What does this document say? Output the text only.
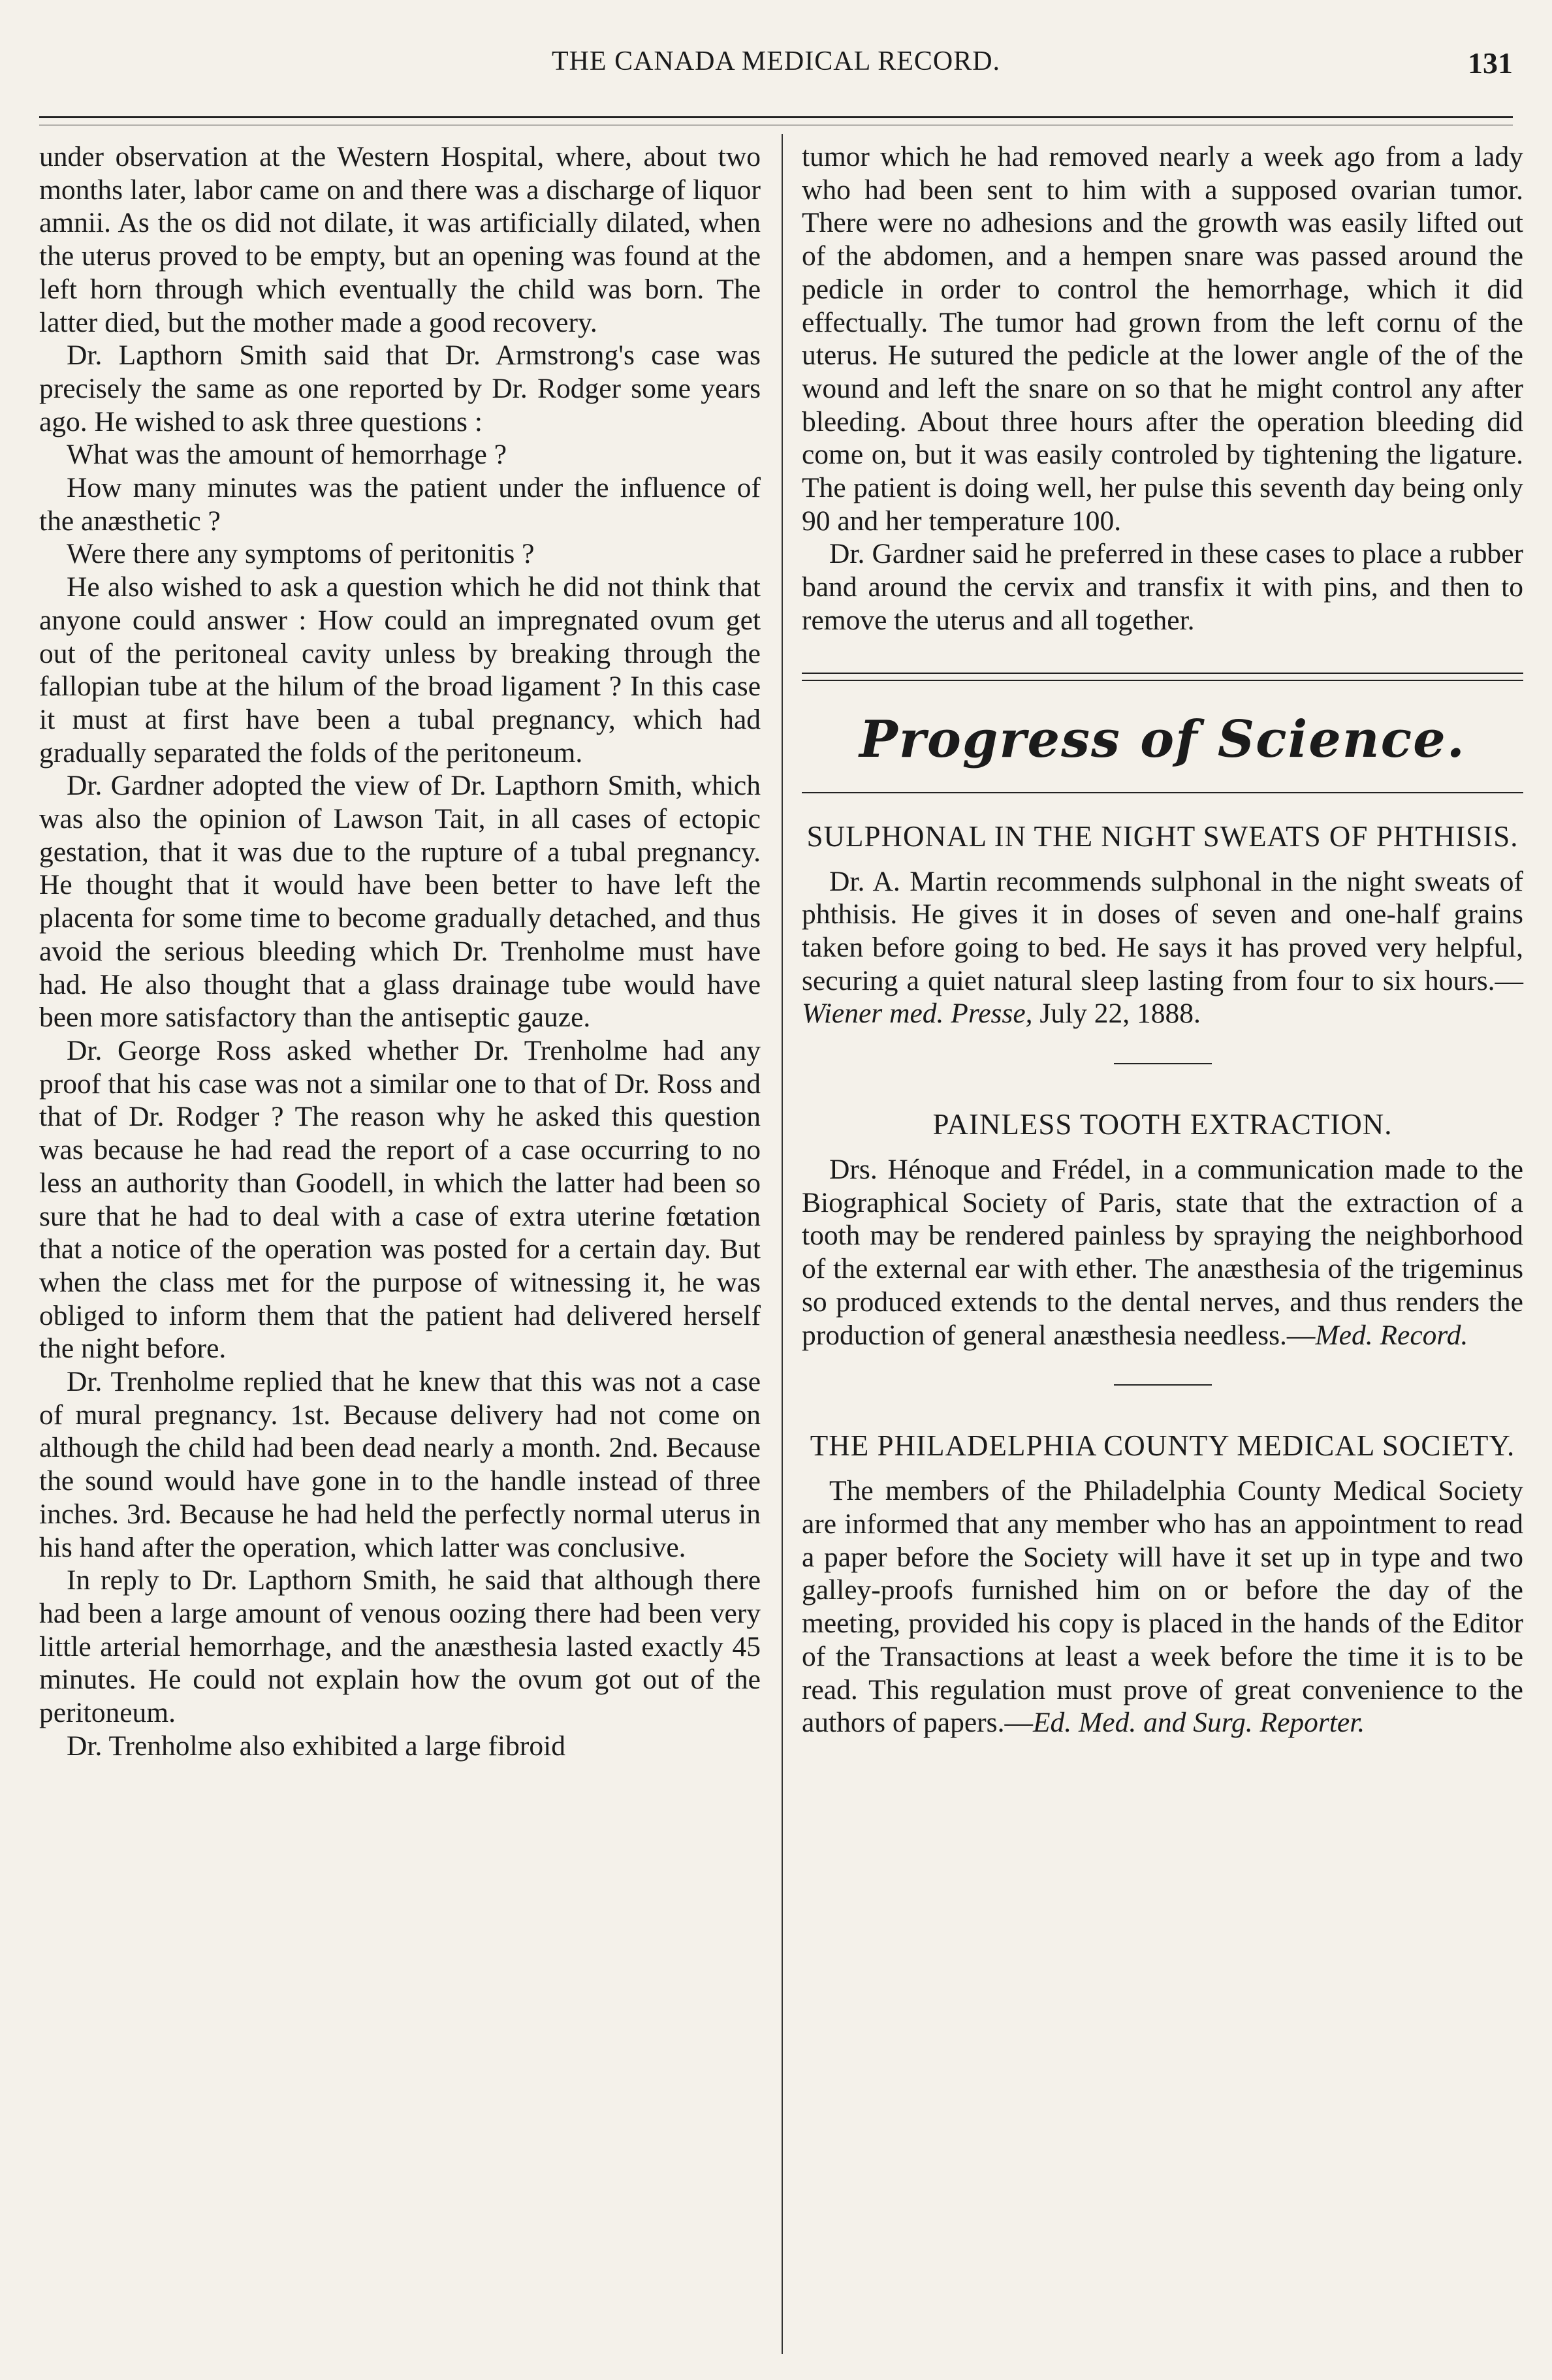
THE CANADA MEDICAL RECORD.	131

under observation at the Western Hospital, where, about two months later, labor came on and there was a discharge of liquor amnii. As the os did not dilate, it was artificially dilated, when the uterus proved to be empty, but an opening was found at the left horn through which eventually the child was born. The latter died, but the mother made a good recovery.

Dr. Lapthorn Smith said that Dr. Armstrong's case was precisely the same as one reported by Dr. Rodger some years ago. He wished to ask three questions :

What was the amount of hemorrhage ?

How many minutes was the patient under the influence of the anæsthetic ?

Were there any symptoms of peritonitis ?

He also wished to ask a question which he did not think that anyone could answer : How could an impregnated ovum get out of the peritoneal cavity unless by breaking through the fallopian tube at the hilum of the broad ligament ? In this case it must at first have been a tubal pregnancy, which had gradually separated the folds of the peritoneum.

Dr. Gardner adopted the view of Dr. Lapthorn Smith, which was also the opinion of Lawson Tait, in all cases of ectopic gestation, that it was due to the rupture of a tubal pregnancy. He thought that it would have been better to have left the placenta for some time to become gradually detached, and thus avoid the serious bleeding which Dr. Trenholme must have had. He also thought that a glass drainage tube would have been more satisfactory than the antiseptic gauze.

Dr. George Ross asked whether Dr. Trenholme had any proof that his case was not a similar one to that of Dr. Ross and that of Dr. Rodger ? The reason why he asked this question was because he had read the report of a case occurring to no less an authority than Goodell, in which the latter had been so sure that he had to deal with a case of extra uterine fœtation that a notice of the operation was posted for a certain day. But when the class met for the purpose of witnessing it, he was obliged to inform them that the patient had delivered herself the night before.

Dr. Trenholme replied that he knew that this was not a case of mural pregnancy. 1st. Because delivery had not come on although the child had been dead nearly a month. 2nd. Because the sound would have gone in to the handle instead of three inches. 3rd. Because he had held the perfectly normal uterus in his hand after the operation, which latter was conclusive.

In reply to Dr. Lapthorn Smith, he said that although there had been a large amount of venous oozing there had been very little arterial hemorrhage, and the anæsthesia lasted exactly 45 minutes. He could not explain how the ovum got out of the peritoneum.

Dr. Trenholme also exhibited a large fibroid

tumor which he had removed nearly a week ago from a lady who had been sent to him with a supposed ovarian tumor. There were no adhesions and the growth was easily lifted out of the abdomen, and a hempen snare was passed around the pedicle in order to control the hemorrhage, which it did effectually. The tumor had grown from the left cornu of the uterus. He sutured the pedicle at the lower angle of the of the wound and left the snare on so that he might control any after bleeding. About three hours after the operation bleeding did come on, but it was easily controled by tightening the ligature. The patient is doing well, her pulse this seventh day being only 90 and her temperature 100.

Dr. Gardner said he preferred in these cases to place a rubber band around the cervix and transfix it with pins, and then to remove the uterus and all together.

Progress of Science.
SULPHONAL IN THE NIGHT SWEATS OF PHTHISIS.

Dr. A. Martin recommends sulphonal in the night sweats of phthisis. He gives it in doses of seven and one-half grains taken before going to bed. He says it has proved very helpful, securing a quiet natural sleep lasting from four to six hours.—Wiener med. Presse, July 22, 1888.

PAINLESS TOOTH EXTRACTION.

Drs. Hénoque and Frédel, in a communication made to the Biographical Society of Paris, state that the extraction of a tooth may be rendered painless by spraying the neighborhood of the external ear with ether. The anæsthesia of the trigeminus so produced extends to the dental nerves, and thus renders the production of general anæsthesia needless.—Med. Record.

THE PHILADELPHIA COUNTY MEDICAL SOCIETY.

The members of the Philadelphia County Medical Society are informed that any member who has an appointment to read a paper before the Society will have it set up in type and two galley-proofs furnished him on or before the day of the meeting, provided his copy is placed in the hands of the Editor of the Transactions at least a week before the time it is to be read. This regulation must prove of great convenience to the authors of papers.—Ed. Med. and Surg. Reporter.
